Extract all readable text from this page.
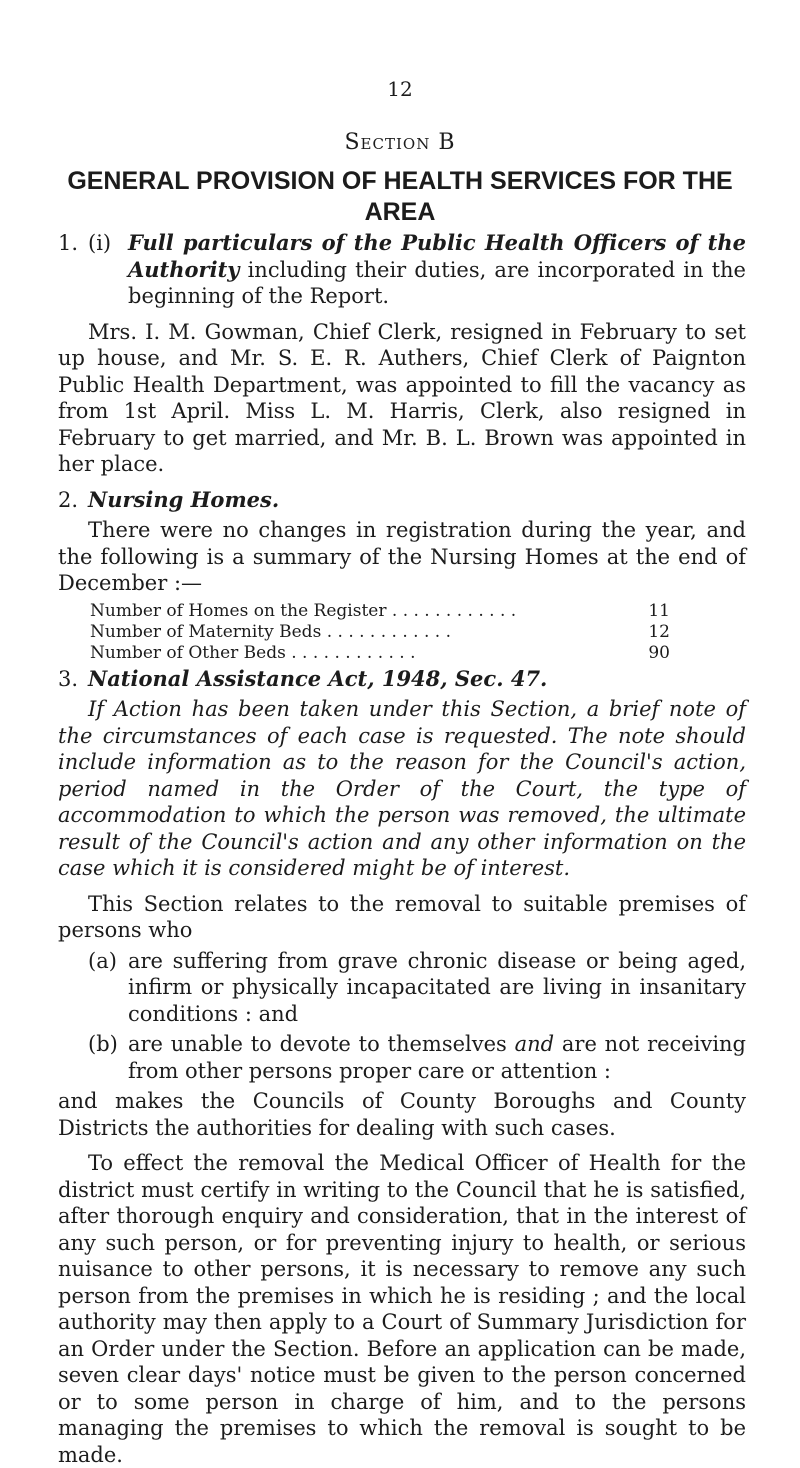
12
Section B
GENERAL PROVISION OF HEALTH SERVICES FOR THE AREA
1. (i) Full particulars of the Public Health Officers of the Authority including their duties, are incorporated in the beginning of the Report.

Mrs. I. M. Gowman, Chief Clerk, resigned in February to set up house, and Mr. S. E. R. Authers, Chief Clerk of Paignton Public Health Department, was appointed to fill the vacancy as from 1st April. Miss L. M. Harris, Clerk, also resigned in February to get married, and Mr. B. L. Brown was appointed in her place.

2. Nursing Homes.

There were no changes in registration during the year, and the following is a summary of the Nursing Homes at the end of December :—

Number of Homes on the Register . . .	11
Number of Maternity Beds . . .	12
Number of Other Beds . . .	90
3. National Assistance Act, 1948, Sec. 47.

If Action has been taken under this Section, a brief note of the circumstances of each case is requested. The note should include information as to the reason for the Council's action, period named in the Order of the Court, the type of accommodation to which the person was removed, the ultimate result of the Council's action and any other information on the case which it is considered might be of interest.

This Section relates to the removal to suitable premises of persons who

(a) are suffering from grave chronic disease or being aged, infirm or physically incapacitated are living in insanitary conditions : and
(b) are unable to devote to themselves and are not receiving from other persons proper care or attention :

and makes the Councils of County Boroughs and County Districts the authorities for dealing with such cases.

To effect the removal the Medical Officer of Health for the district must certify in writing to the Council that he is satisfied, after thorough enquiry and consideration, that in the interest of any such person, or for preventing injury to health, or serious nuisance to other persons, it is necessary to remove any such person from the premises in which he is residing ; and the local authority may then apply to a Court of Summary Jurisdiction for an Order under the Section. Before an application can be made, seven clear days' notice must be given to the person concerned or to some person in charge of him, and to the persons managing the premises to which the removal is sought to be made.
